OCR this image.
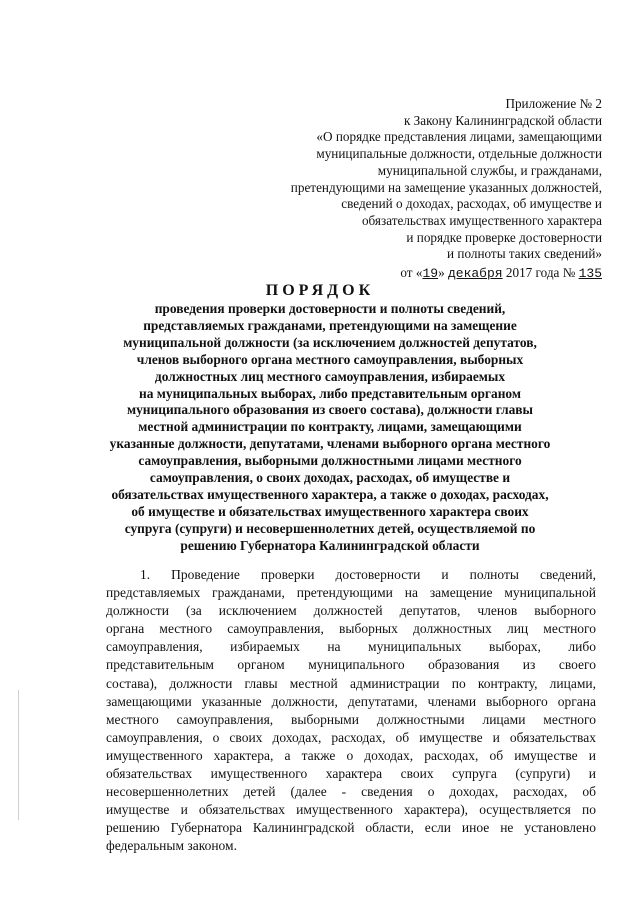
Приложение № 2
к Закону Калининградской области
«О порядке представления лицами, замещающими
муниципальные должности, отдельные должности
муниципальной службы, и гражданами,
претендующими на замещение указанных должностей,
сведений о доходах, расходах, об имуществе и
обязательствах имущественного характера
и порядке проверке достоверности
и полноты таких сведений»
от «19» декабря 2017 года № 135
ПОРЯДОК
проведения проверки достоверности и полноты сведений,
представляемых гражданами, претендующими на замещение
муниципальной должности (за исключением должностей депутатов,
членов выборного органа местного самоуправления, выборных
должностных лиц местного самоуправления, избираемых
на муниципальных выборах, либо представительным органом
муниципального образования из своего состава), должности главы
местной администрации по контракту, лицами, замещающими
указанные должности, депутатами, членами выборного органа местного
самоуправления, выборными должностными лицами местного
самоуправления, о своих доходах, расходах, об имуществе и
обязательствах имущественного характера, а также о доходах, расходах,
об имуществе и обязательствах имущественного характера своих
супруга (супруги) и несовершеннолетних детей, осуществляемой по
решению Губернатора Калининградской области
1. Проведение проверки достоверности и полноты сведений,
представляемых гражданами, претендующими на замещение муниципальной
должности (за исключением должностей депутатов, членов выборного
органа местного самоуправления, выборных должностных лиц местного
самоуправления, избираемых на муниципальных выборах, либо
представительным органом муниципального образования из своего
состава), должности главы местной администрации по контракту, лицами,
замещающими указанные должности, депутатами, членами выборного органа
местного самоуправления, выборными должностными лицами местного
самоуправления, о своих доходах, расходах, об имуществе и обязательствах
имущественного характера, а также о доходах, расходах, об имуществе и
обязательствах имущественного характера своих супруга (супруги) и
несовершеннолетних детей (далее - сведения о доходах, расходах, об
имуществе и обязательствах имущественного характера), осуществляется по
решению Губернатора Калининградской области, если иное не установлено
федеральным законом.
